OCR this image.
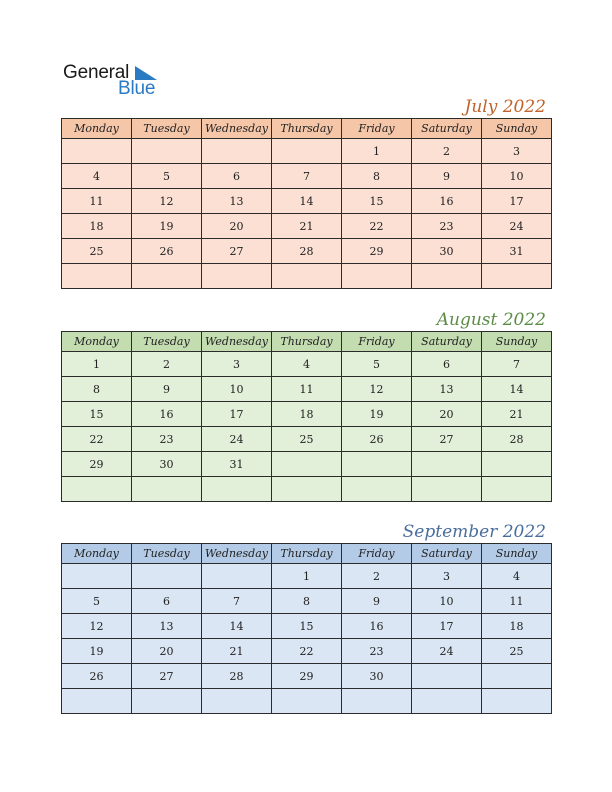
General
Blue
July 2022
Monday	Tuesday	Wednesday	Thursday	Friday	Saturday	Sunday
				1	2	3
4	5	6	7	8	9	10
11	12	13	14	15	16	17
18	19	20	21	22	23	24
25	26	27	28	29	30	31

August 2022
Monday	Tuesday	Wednesday	Thursday	Friday	Saturday	Sunday
1	2	3	4	5	6	7
8	9	10	11	12	13	14
15	16	17	18	19	20	21
22	23	24	25	26	27	28
29	30	31				

September 2022
Monday	Tuesday	Wednesday	Thursday	Friday	Saturday	Sunday
			1	2	3	4
5	6	7	8	9	10	11
12	13	14	15	16	17	18
19	20	21	22	23	24	25
26	27	28	29	30		
